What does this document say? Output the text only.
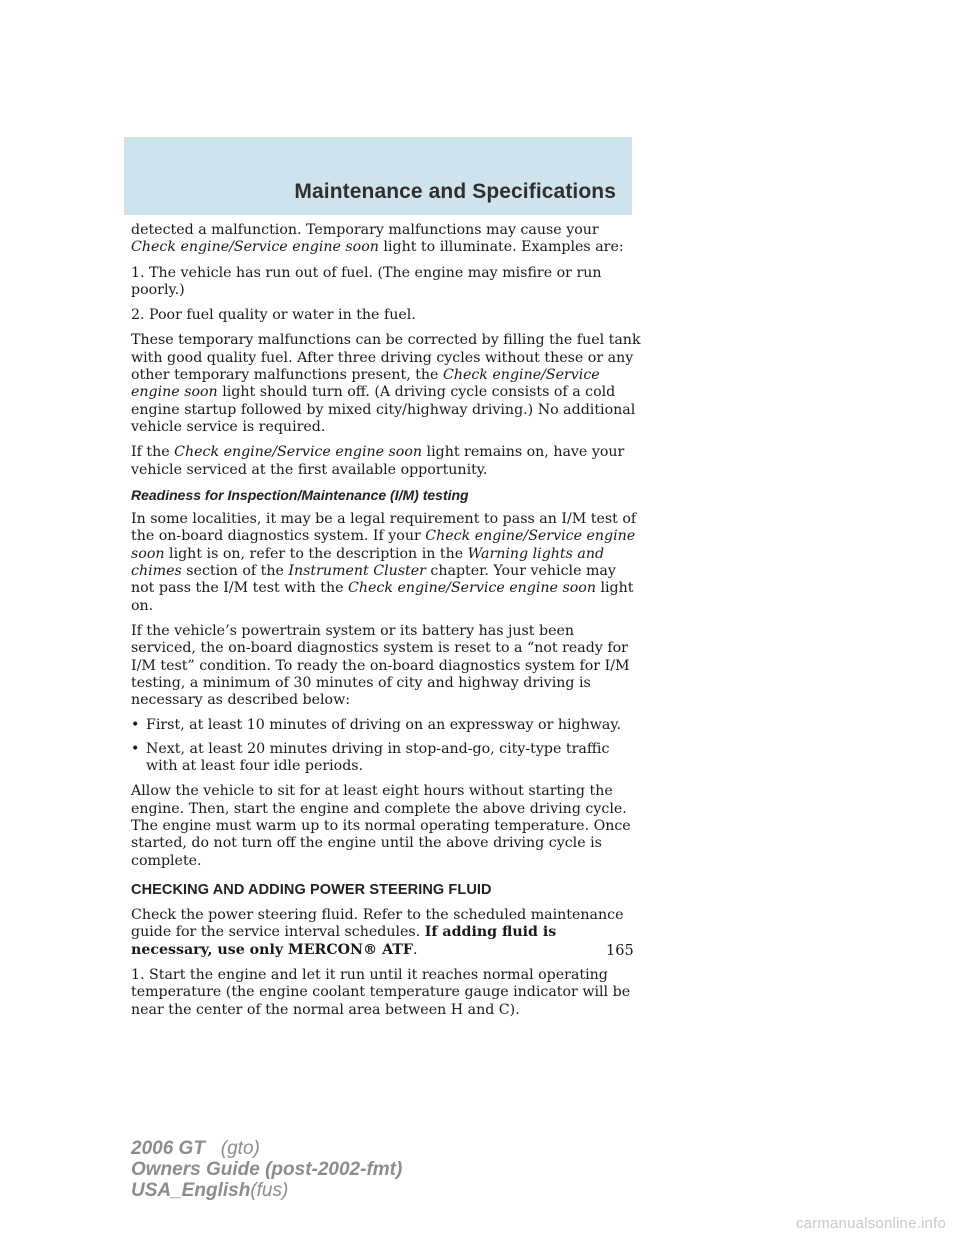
Maintenance and Specifications

detected a malfunction. Temporary malfunctions may cause your Check engine/Service engine soon light to illuminate. Examples are:

1. The vehicle has run out of fuel. (The engine may misfire or run poorly.)

2. Poor fuel quality or water in the fuel.

These temporary malfunctions can be corrected by filling the fuel tank with good quality fuel. After three driving cycles without these or any other temporary malfunctions present, the Check engine/Service engine soon light should turn off. (A driving cycle consists of a cold engine startup followed by mixed city/highway driving.) No additional vehicle service is required.

If the Check engine/Service engine soon light remains on, have your vehicle serviced at the first available opportunity.

Readiness for Inspection/Maintenance (I/M) testing

In some localities, it may be a legal requirement to pass an I/M test of the on-board diagnostics system. If your Check engine/Service engine soon light is on, refer to the description in the Warning lights and chimes section of the Instrument Cluster chapter. Your vehicle may not pass the I/M test with the Check engine/Service engine soon light on.

If the vehicle’s powertrain system or its battery has just been serviced, the on-board diagnostics system is reset to a “not ready for I/M test” condition. To ready the on-board diagnostics system for I/M testing, a minimum of 30 minutes of city and highway driving is necessary as described below:

• First, at least 10 minutes of driving on an expressway or highway.
• Next, at least 20 minutes driving in stop-and-go, city-type traffic with at least four idle periods.

Allow the vehicle to sit for at least eight hours without starting the engine. Then, start the engine and complete the above driving cycle. The engine must warm up to its normal operating temperature. Once started, do not turn off the engine until the above driving cycle is complete.

CHECKING AND ADDING POWER STEERING FLUID

Check the power steering fluid. Refer to the scheduled maintenance guide for the service interval schedules. If adding fluid is necessary, use only MERCON® ATF.

1. Start the engine and let it run until it reaches normal operating temperature (the engine coolant temperature gauge indicator will be near the center of the normal area between H and C).

165
2006 GT (gto)
Owners Guide (post-2002-fmt)
USA_English(fus)
carmanualsonline.info
